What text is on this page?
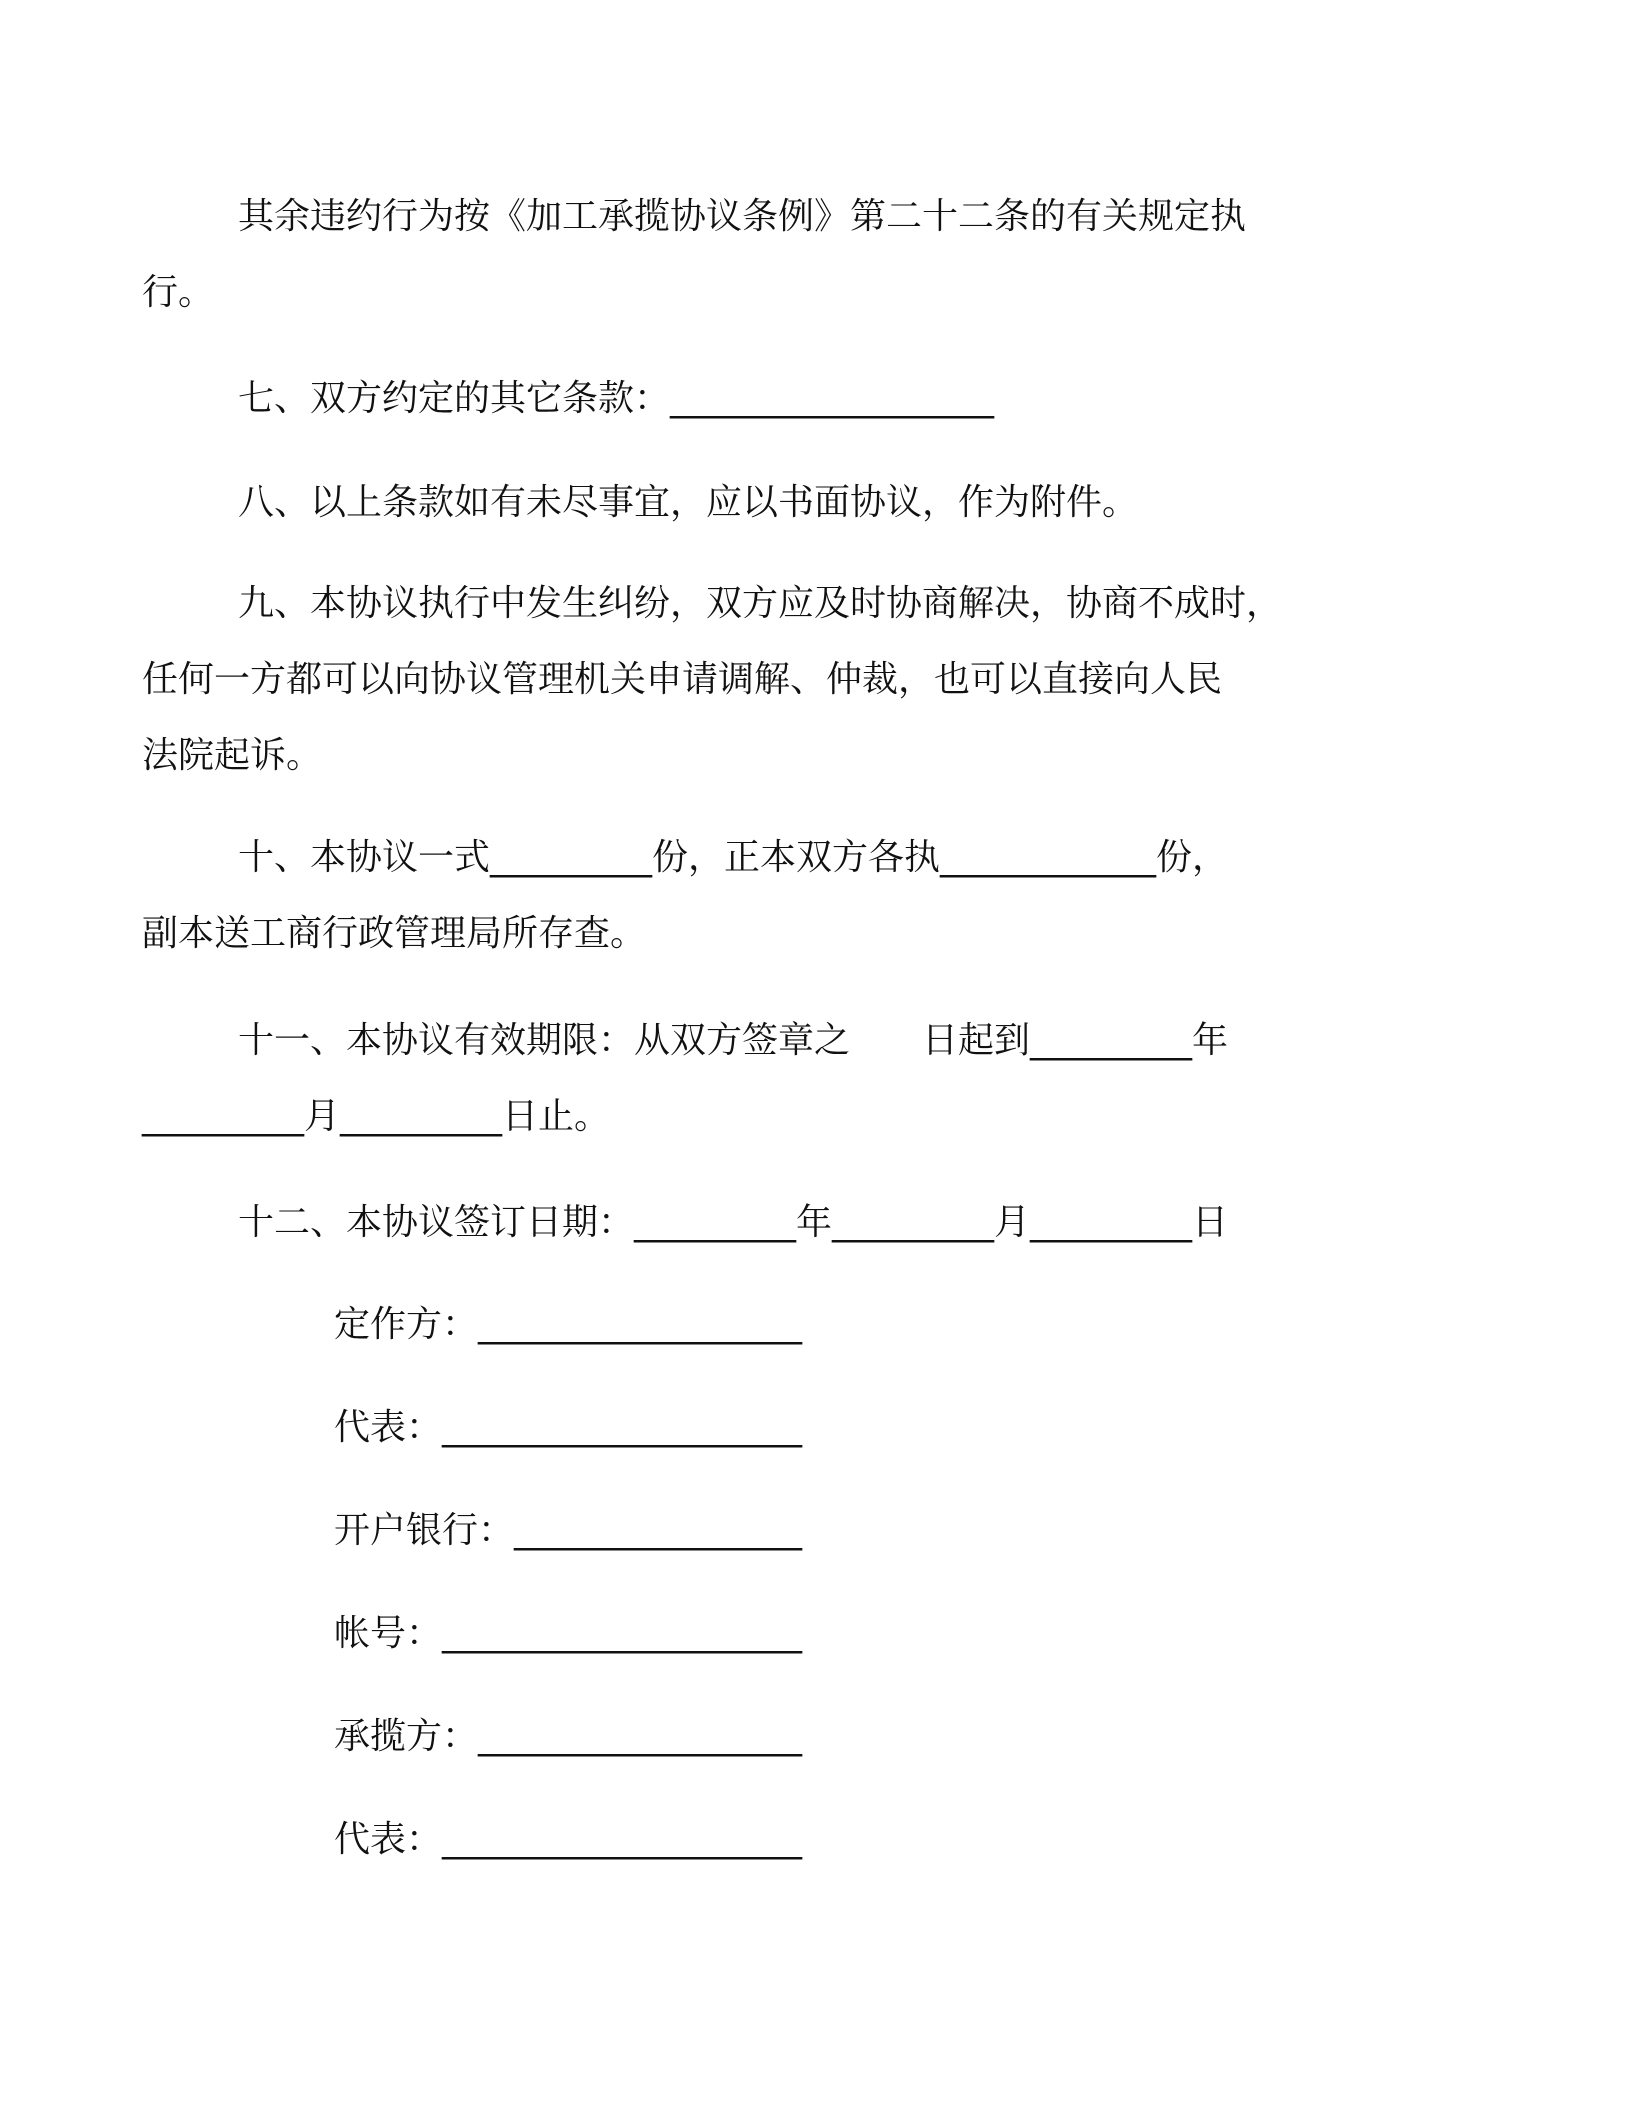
其余违约行为按《加工承揽协议条例》第二十二条的有关规定执
行。
七、双方约定的其它条款：__________________
八、以上条款如有未尽事宜，应以书面协议，作为附件。
九、本协议执行中发生纠纷，双方应及时协商解决，协商不成时，
任何一方都可以向协议管理机关申请调解、仲裁，也可以直接向人民
法院起诉。
十、本协议一式_________份，正本双方各执____________份，
副本送工商行政管理局所存查。
十一、本协议有效期限：从双方签章之　　日起到_________年
_________月_________日止。
十二、本协议签订日期：_________年_________月_________日
定作方：__________________
代表：____________________
开户银行：________________
帐号：____________________
承揽方：__________________
代表：____________________
